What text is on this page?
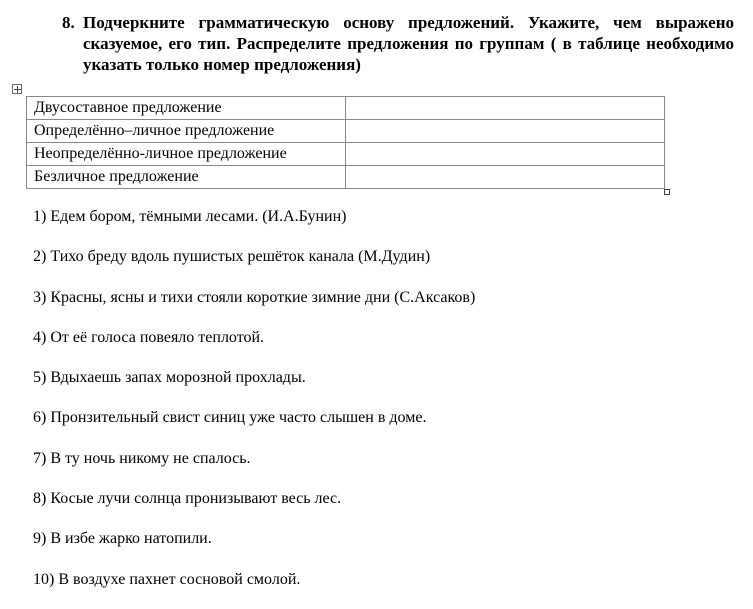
8. Подчеркните грамматическую основу предложений. Укажите, чем выражено сказуемое, его тип. Распределите предложения по группам ( в таблице необходимо указать только номер предложения)
Двусоставное предложение	
Определённо–личное предложение	
Неопределённо-личное предложение	
Безличное предложение	
1) Едем бором, тёмными лесами. (И.А.Бунин)
2) Тихо бреду вдоль пушистых решёток канала (М.Дудин)
3) Красны, ясны и тихи стояли короткие зимние дни (С.Аксаков)
4) От её голоса повеяло теплотой.
5) Вдыхаешь запах морозной прохлады.
6) Пронзительный свист синиц уже часто слышен в доме.
7) В ту ночь никому не спалось.
8) Косые лучи солнца пронизывают весь лес.
9) В избе жарко натопили.
10) В воздухе пахнет сосновой смолой.
